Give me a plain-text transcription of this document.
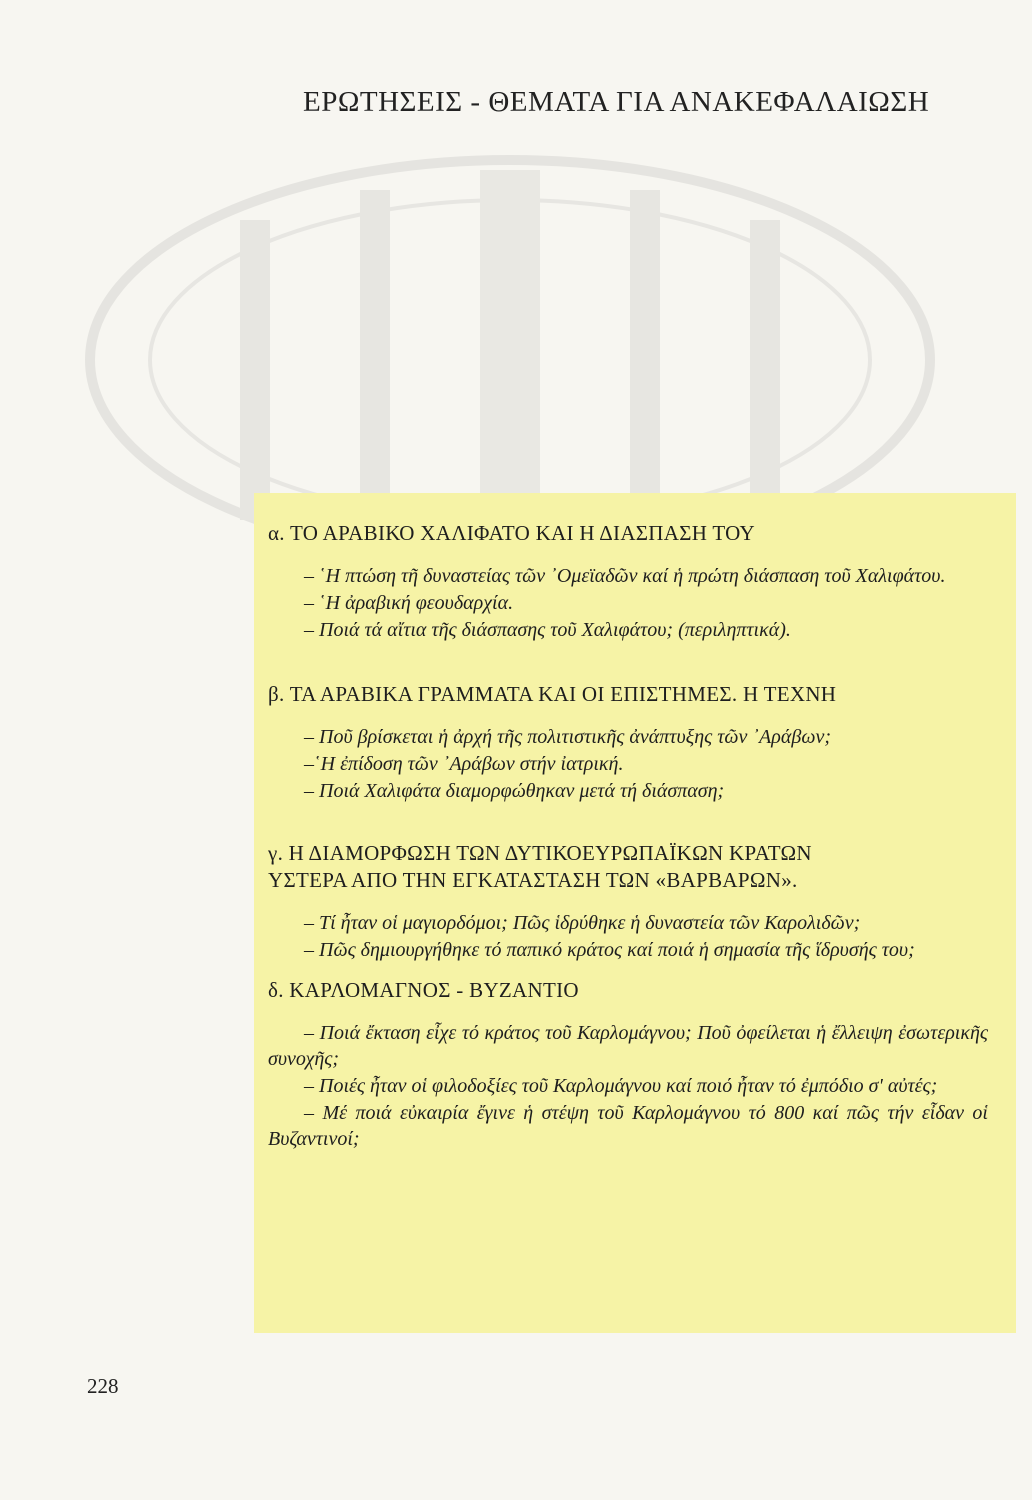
ΕΡΩΤΗΣΕΙΣ - ΘΕΜΑΤΑ ΓΙΑ ΑΝΑΚΕΦΑΛΑΙΩΣΗ
α. ΤΟ ΑΡΑΒΙΚΟ ΧΑΛΙΦΑΤΟ ΚΑΙ Η ΔΙΑΣΠΑΣΗ ΤΟΥ

– ῾Η πτώση τῆ δυναστείας τῶν ᾿Ομεϊαδῶν καί ἡ πρώτη διάσπαση τοῦ Χαλιφάτου.

– ῾Η ἀραβική φεουδαρχία.

– Ποιά τά αἴτια τῆς διάσπασης τοῦ Χαλιφάτου; (περιληπτικά).

β. ΤΑ ΑΡΑΒΙΚΑ ΓΡΑΜΜΑΤΑ ΚΑΙ ΟΙ ΕΠΙΣΤΗΜΕΣ. Η ΤΕΧΝΗ

– Ποῦ βρίσκεται ἡ ἀρχή τῆς πολιτιστικῆς ἀνάπτυξης τῶν ᾿Αράβων;

–῾Η ἐπίδοση τῶν ᾿Αράβων στήν ἰατρική.

– Ποιά Χαλιφάτα διαμορφώθηκαν μετά τή διάσπαση;

γ. Η ΔΙΑΜΟΡΦΩΣΗ ΤΩΝ ΔΥΤΙΚΟΕΥΡΩΠΑΪΚΩΝ ΚΡΑΤΩΝ
ΥΣΤΕΡΑ ΑΠΟ ΤΗΝ ΕΓΚΑΤΑΣΤΑΣΗ ΤΩΝ «ΒΑΡΒΑΡΩΝ».

– Τί ἦταν οἱ μαγιορδόμοι; Πῶς ἱδρύθηκε ἡ δυναστεία τῶν Καρολιδῶν;

– Πῶς δημιουργήθηκε τό παπικό κράτος καί ποιά ἡ σημασία τῆς ἵδρυσής του;

δ. ΚΑΡΛΟΜΑΓΝΟΣ - ΒΥΖΑΝΤΙΟ

– Ποιά ἔκταση εἶχε τό κράτος τοῦ Καρλομάγνου; Ποῦ ὀφείλεται ἡ ἔλλειψη ἐσωτερικῆς συνοχῆς;

– Ποιές ἦταν οἱ φιλοδοξίες τοῦ Καρλομάγνου καί ποιό ἦταν τό ἐμπόδιο σ' αὐτές;

– Μέ ποιά εὐκαιρία ἔγινε ἡ στέψη τοῦ Καρλομάγνου τό 800 καί πῶς τήν εἶδαν οἱ Βυζαντινοί;

228
